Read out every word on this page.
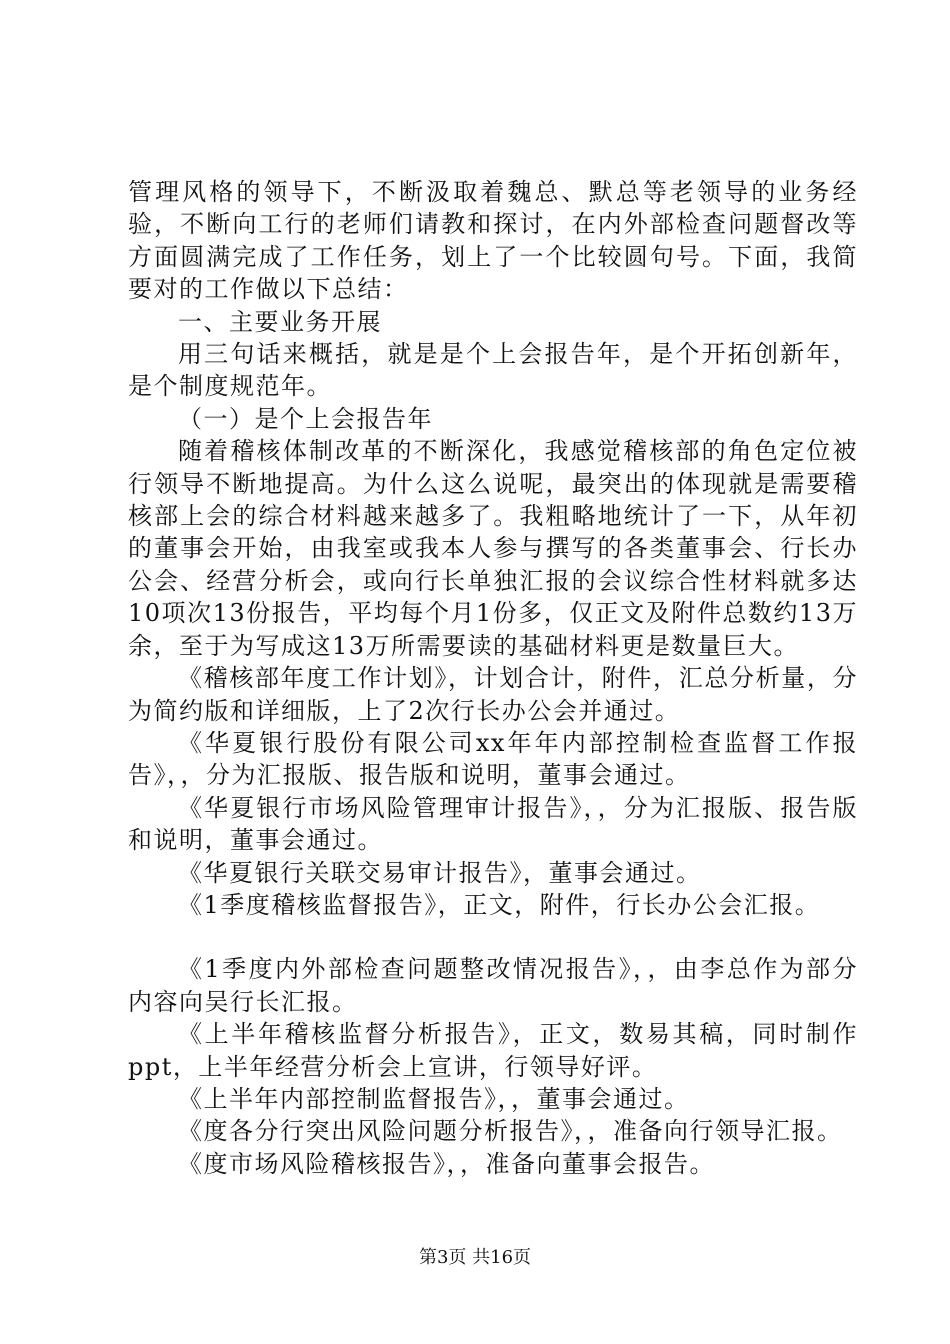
管理风格的领导下，不断汲取着魏总、默总等老领导的业务经验，不断向工行的老师们请教和探讨，在内外部检查问题督改等方面圆满完成了工作任务，划上了一个比较圆句号。下面，我简要对的工作做以下总结：

一、主要业务开展

用三句话来概括，就是是个上会报告年，是个开拓创新年，是个制度规范年。

（一）是个上会报告年

随着稽核体制改革的不断深化，我感觉稽核部的角色定位被行领导不断地提高。为什么这么说呢，最突出的体现就是需要稽核部上会的综合材料越来越多了。我粗略地统计了一下，从年初的董事会开始，由我室或我本人参与撰写的各类董事会、行长办公会、经营分析会，或向行长单独汇报的会议综合性材料就多达10项次13份报告，平均每个月1份多，仅正文及附件总数约13万余，至于为写成这13万所需要读的基础材料更是数量巨大。

《稽核部年度工作计划》，计划合计，附件，汇总分析量，分为简约版和详细版，上了2次行长办公会并通过。

《华夏银行股份有限公司xx年年内部控制检查监督工作报告》，，分为汇报版、报告版和说明，董事会通过。

《华夏银行市场风险管理审计报告》，，分为汇报版、报告版和说明，董事会通过。

《华夏银行关联交易审计报告》，董事会通过。

《1季度稽核监督报告》，正文，附件，行长办公会汇报。

《1季度内外部检查问题整改情况报告》，，由李总作为部分内容向吴行长汇报。

《上半年稽核监督分析报告》，正文，数易其稿，同时制作ppt，上半年经营分析会上宣讲，行领导好评。

《上半年内部控制监督报告》，，董事会通过。

《度各分行突出风险问题分析报告》，，准备向行领导汇报。

《度市场风险稽核报告》，，准备向董事会报告。

第3页 共16页
